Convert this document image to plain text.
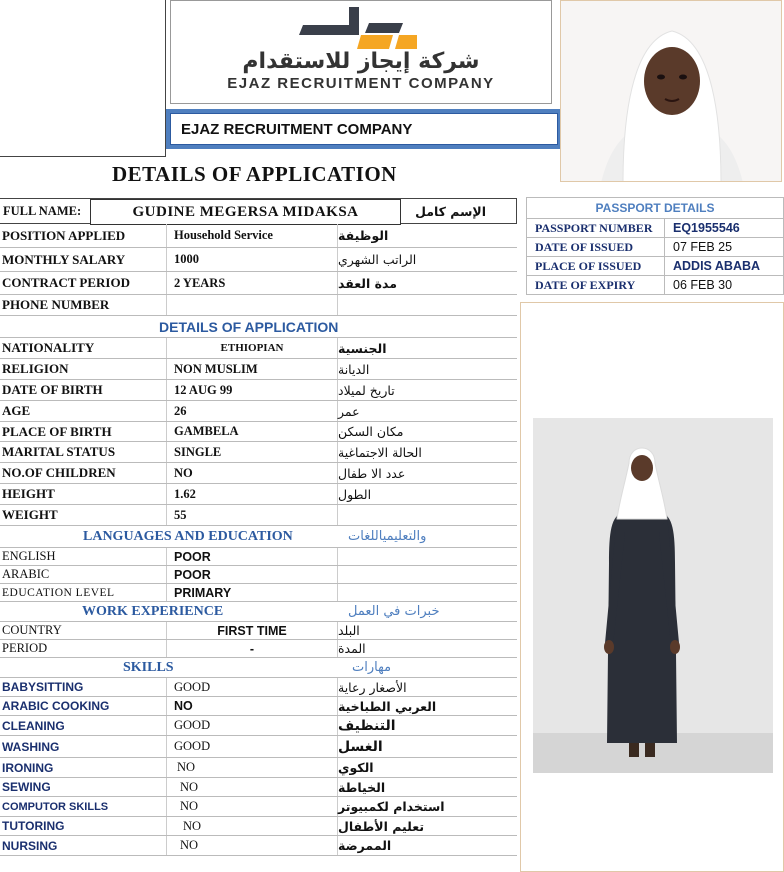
شركة إيجاز للاستقدام
EJAZ RECRUITMENT COMPANY
EJAZ RECRUITMENT COMPANY
DETAILS OF APPLICATION
PASSPORT DETAILS
PASSPORT NUMBER	EQ1955546
DATE OF ISSUED	07 FEB 25
PLACE OF ISSUED	ADDIS ABABA
DATE OF EXPIRY	06 FEB 30
FULL NAME:	GUDINE MEGERSA MIDAKSA	الإسم كامل
POSITION APPLIED	Household Service	الوظيفة
MONTHLY SALARY	1000	الراتب الشهري
CONTRACT PERIOD	2 YEARS	مدة العقد
PHONE NUMBER
DETAILS OF APPLICATION
NATIONALITY	ETHIOPIAN	الجنسية
RELIGION	NON MUSLIM	الديانة
DATE OF BIRTH	12 AUG 99	تاريخ لميلاد
AGE	26	عمر
PLACE OF BIRTH	GAMBELA	مكان السكن
MARITAL STATUS	SINGLE	الحالة الاجتماغية
NO.OF CHILDREN	NO	عدد الا طفال
HEIGHT	1.62	الطول
WEIGHT	55
LANGUAGES AND EDUCATION	والتعليمياللغات
ENGLISH	POOR
ARABIC	POOR
EDUCATION LEVEL	PRIMARY
WORK EXPERIENCE	خبرات في العمل
COUNTRY	FIRST TIME	البلد
PERIOD	-	المدة
SKILLS	مهارات
BABYSITTING	GOOD	الأصغار رعاية
ARABIC COOKING	NO	العربي الطباخية
CLEANING	GOOD	التنظيف
WASHING	GOOD	الغسل
IRONING	NO	الكوي
SEWING	NO	الخياطة
COMPUTOR SKILLS	NO	استخدام لكمبيوتر
TUTORING	NO	تعليم الأطفال
NURSING	NO	الممرضة
